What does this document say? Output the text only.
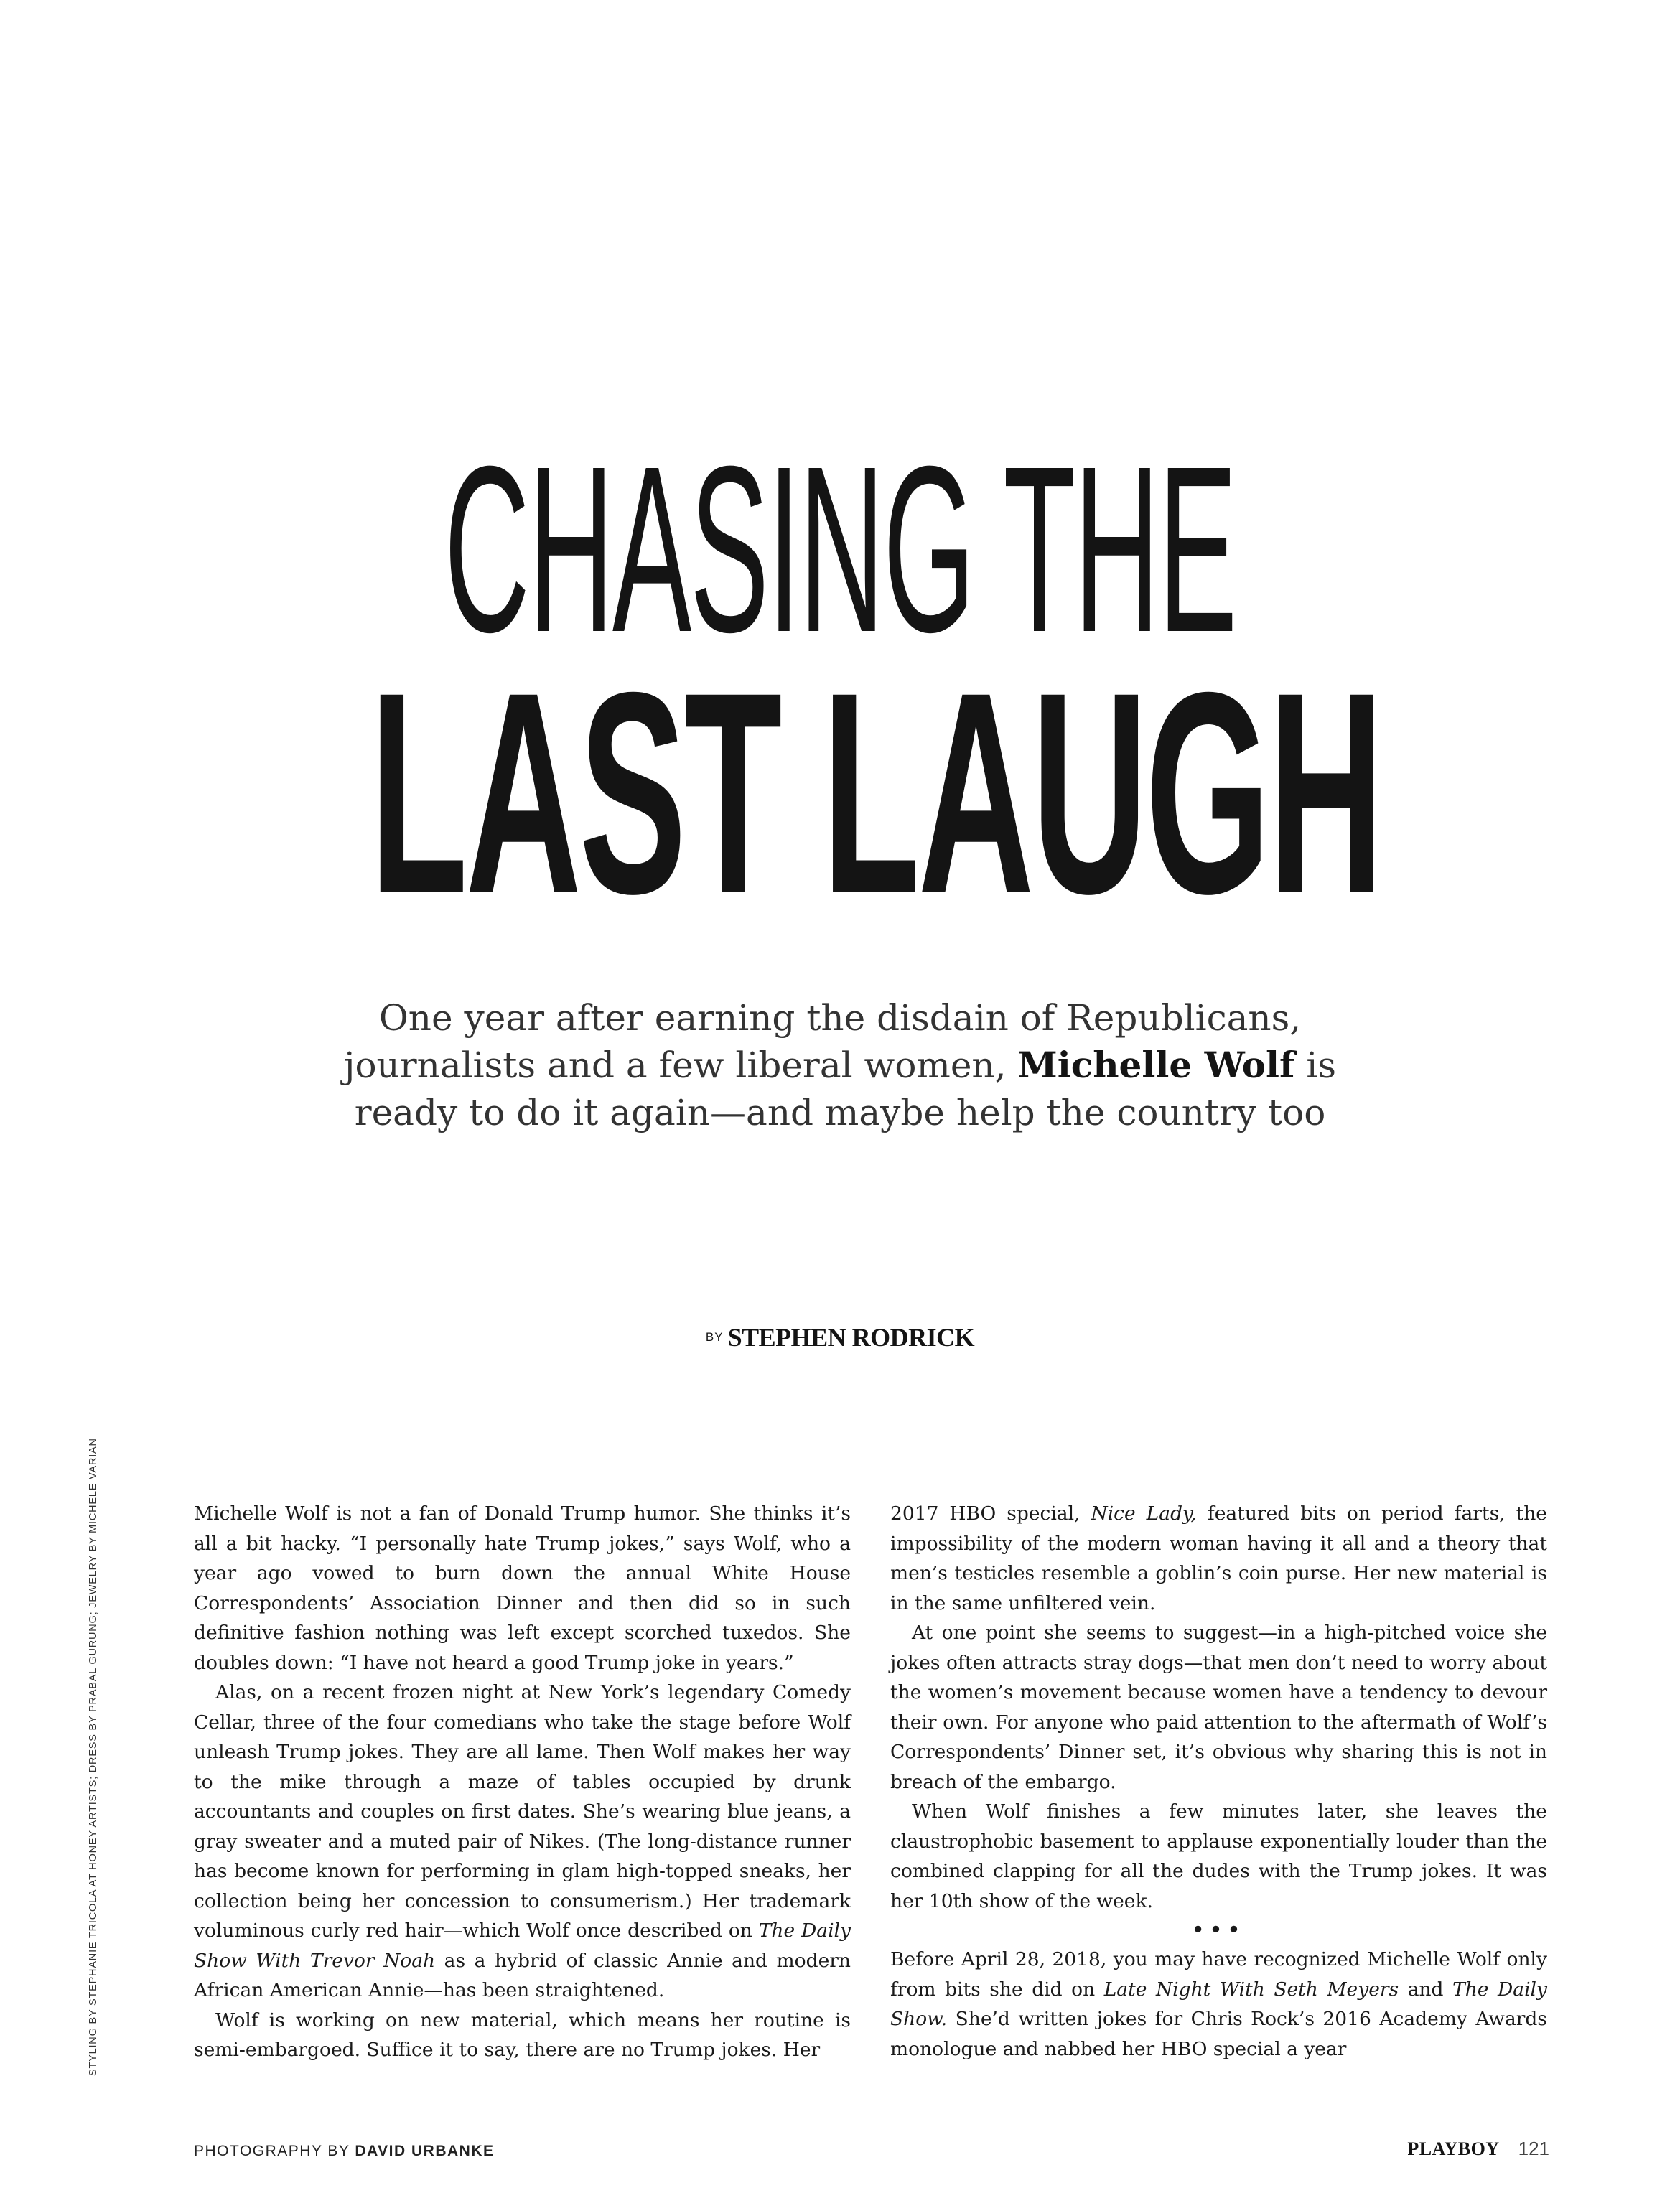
CHASING THE
LAST LAUGH
One year after earning the disdain of Republicans, journalists and a few liberal women, Michelle Wolf is ready to do it again—and maybe help the country too
BY STEPHEN RODRICK
STYLING BY STEPHANIE TRICOLA AT HONEY ARTISTS; DRESS BY PRABAL GURUNG; JEWELRY BY MICHELE VARIAN	Michelle Wolf is not a fan of Donald Trump humor. She thinks it’s all a bit hacky. “I personally hate Trump jokes,” says Wolf, who a year ago vowed to burn down the annual White House Correspondents’ Association Dinner and then did so in such definitive fashion nothing was left except scorched tuxedos. She doubles down: “I have not heard a good Trump joke in years.”

Alas, on a recent frozen night at New York’s legendary Comedy Cellar, three of the four comedians who take the stage before Wolf unleash Trump jokes. They are all lame. Then Wolf makes her way to the mike through a maze of tables occupied by drunk accountants and couples on first dates. She’s wearing blue jeans, a gray sweater and a muted pair of Nikes. (The long-distance runner has become known for performing in glam high-topped sneaks, her collection being her concession to consumerism.) Her trademark voluminous curly red hair—which Wolf once described on The Daily Show With Trevor Noah as a hybrid of classic Annie and modern African American Annie—has been straightened.

Wolf is working on new material, which means her routine is semi-embargoed. Suffice it to say, there are no Trump jokes. Her

2017 HBO special, Nice Lady, featured bits on period farts, the impossibility of the modern woman having it all and a theory that men’s testicles resemble a goblin’s coin purse. Her new material is in the same unfiltered vein.

At one point she seems to suggest—in a high-pitched voice she jokes often attracts stray dogs—that men don’t need to worry about the women’s movement because women have a tendency to devour their own. For anyone who paid attention to the aftermath of Wolf’s Correspondents’ Dinner set, it’s obvious why sharing this is not in breach of the embargo.

When Wolf finishes a few minutes later, she leaves the claustrophobic basement to applause exponentially louder than the combined clapping for all the dudes with the Trump jokes. It was her 10th show of the week.

•••

Before April 28, 2018, you may have recognized Michelle Wolf only from bits she did on Late Night With Seth Meyers and The Daily Show. She’d written jokes for Chris Rock’s 2016 Academy Awards monologue and nabbed her HBO special a year

PHOTOGRAPHY BY DAVID URBANKE	PLAYBOY 121
